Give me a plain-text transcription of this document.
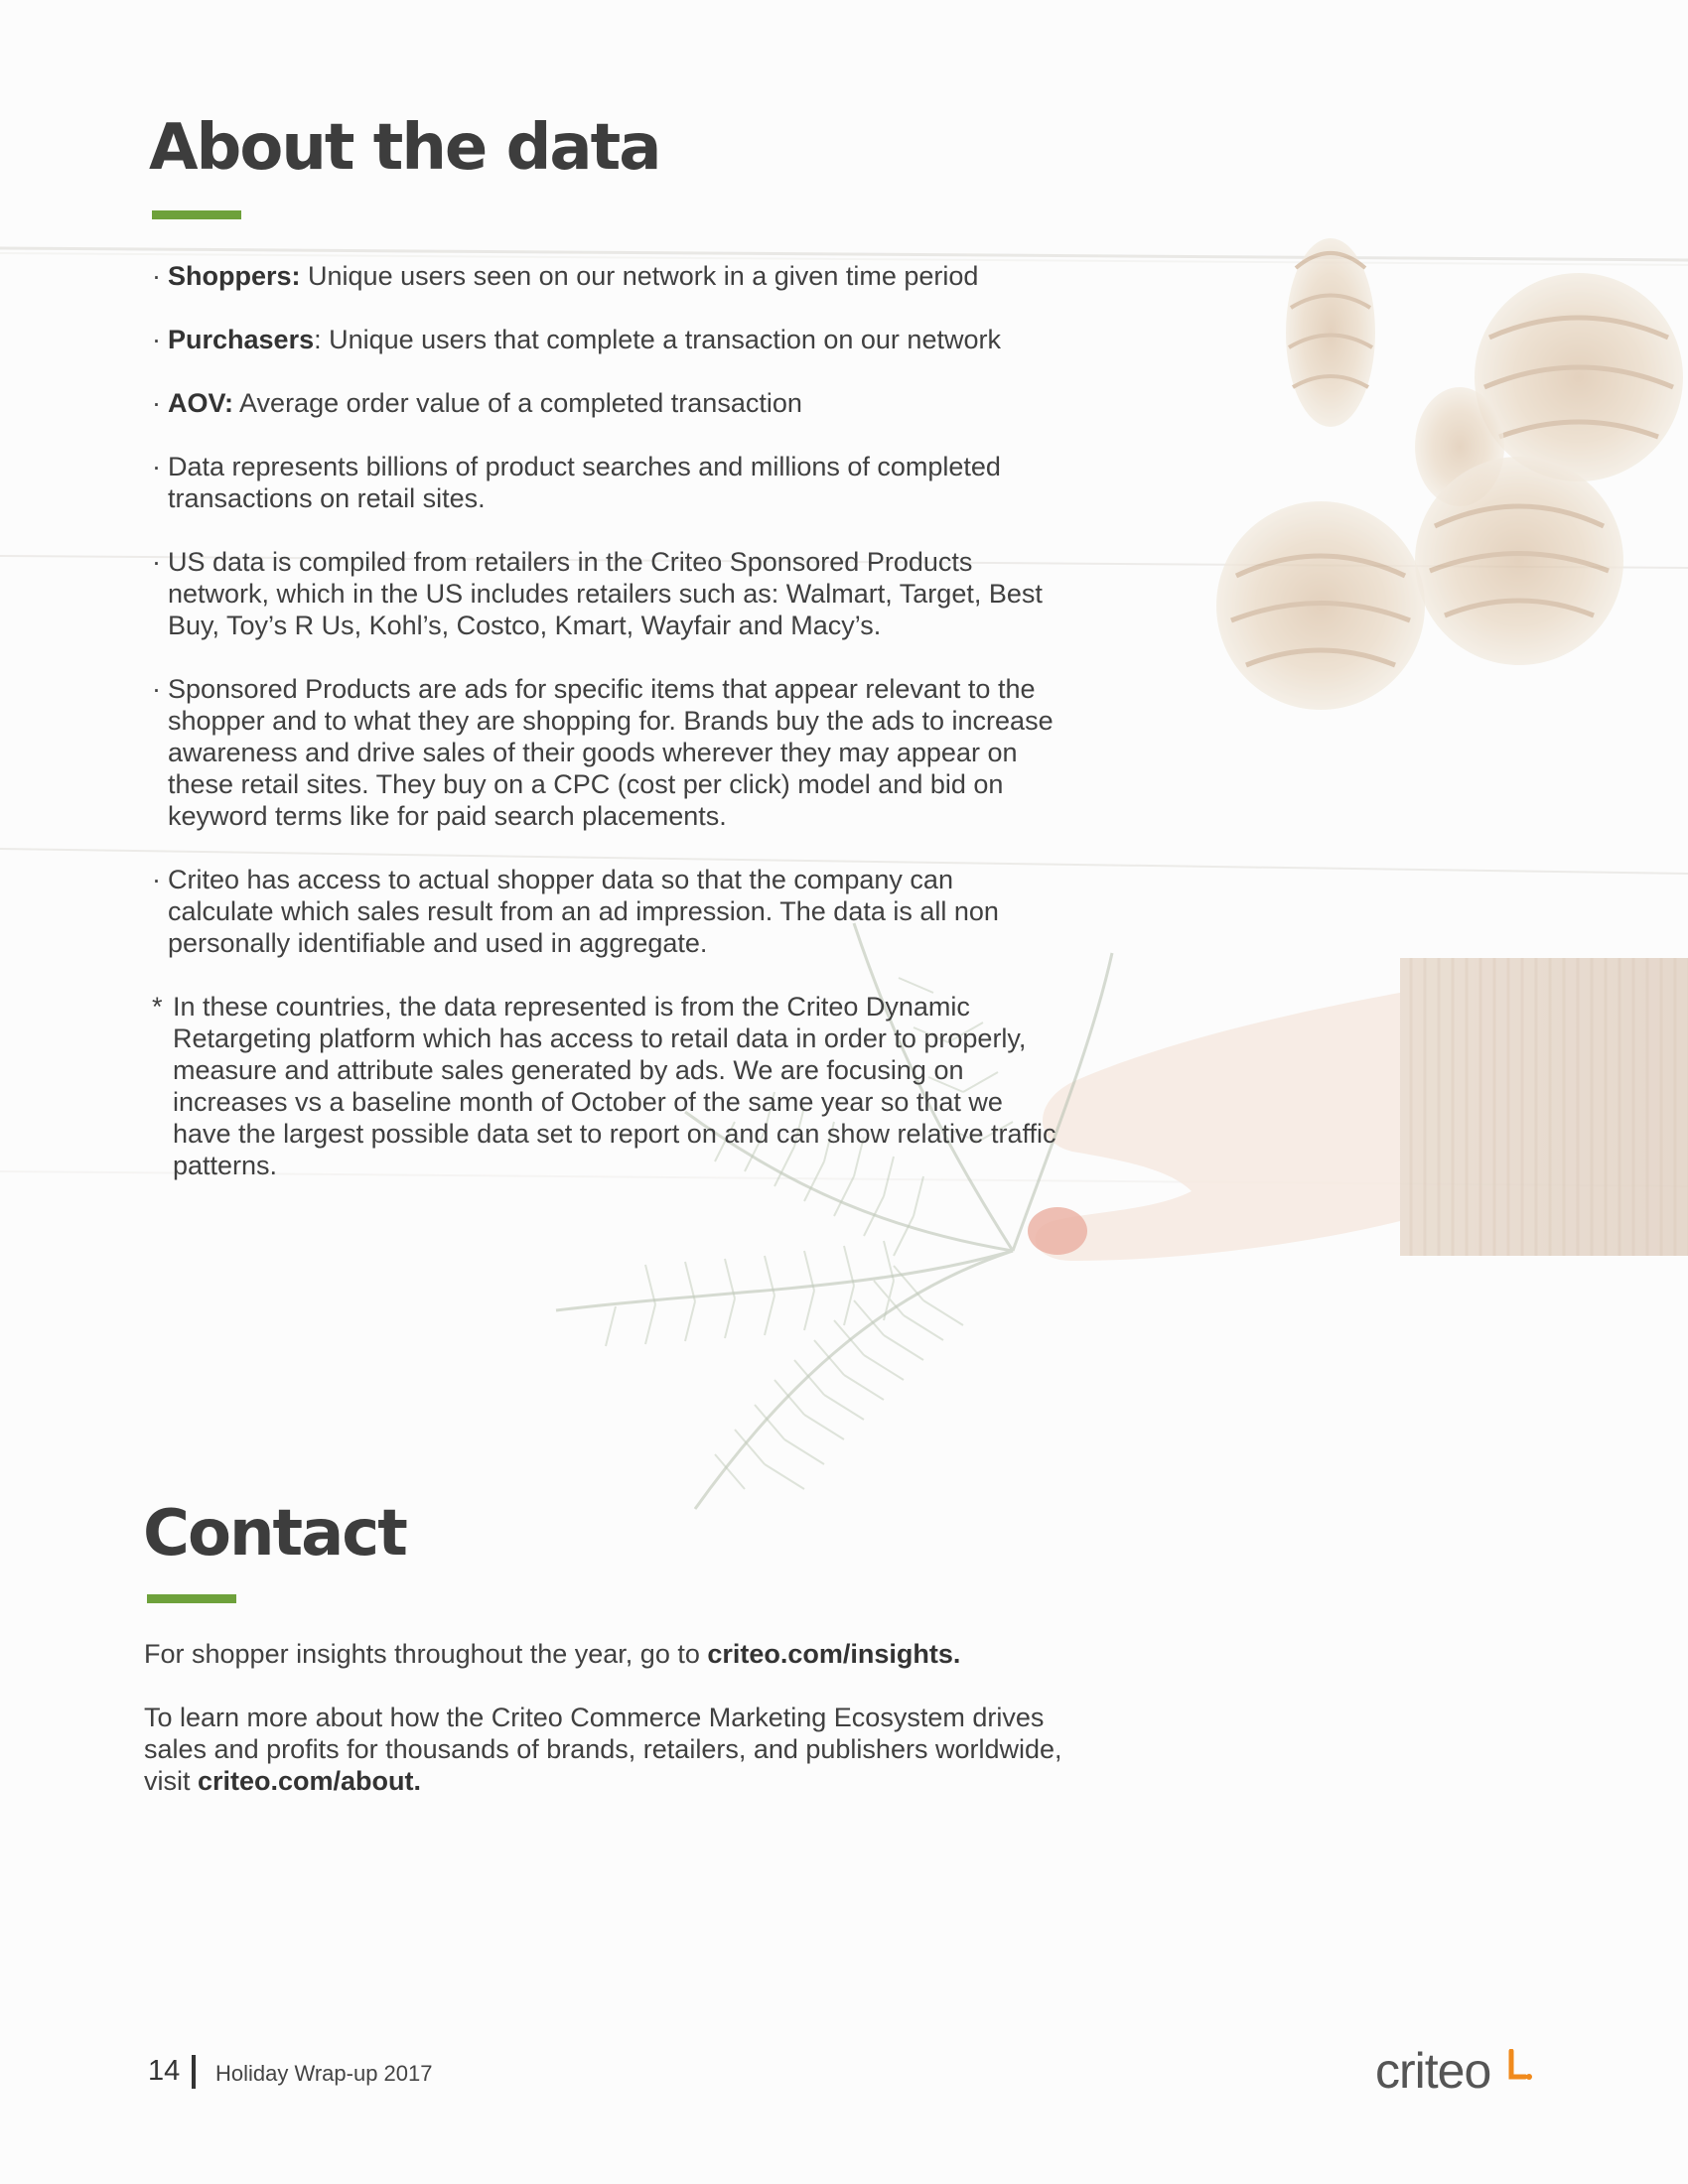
About the data
· Shoppers: Unique users seen on our network in a given time period
· Purchasers: Unique users that complete a transaction on our network
· AOV: Average order value of a completed transaction
· Data represents billions of product searches and millions of completed transactions on retail sites.
· US data is compiled from retailers in the Criteo Sponsored Products network, which in the US includes retailers such as: Walmart, Target, Best Buy, Toy’s R Us, Kohl’s, Costco, Kmart, Wayfair and Macy’s.
· Sponsored Products are ads for specific items that appear relevant to the shopper and to what they are shopping for. Brands buy the ads to increase awareness and drive sales of their goods wherever they may appear on these retail sites. They buy on a CPC (cost per click) model and bid on keyword terms like for paid search placements.
· Criteo has access to actual shopper data so that the company can calculate which sales result from an ad impression. The data is all non personally identifiable and used in aggregate.
* In these countries, the data represented is from the Criteo Dynamic Retargeting platform which has access to retail data in order to properly, measure and attribute sales generated by ads. We are focusing on increases vs a baseline month of October of the same year so that we have the largest possible data set to report on and can show relative traffic patterns.
Contact

For shopper insights throughout the year, go to criteo.com/insights.

To learn more about how the Criteo Commerce Marketing Ecosystem drives sales and profits for thousands of brands, retailers, and publishers worldwide, visit criteo.com/about.

14 Holiday Wrap-up 2017	criteo
